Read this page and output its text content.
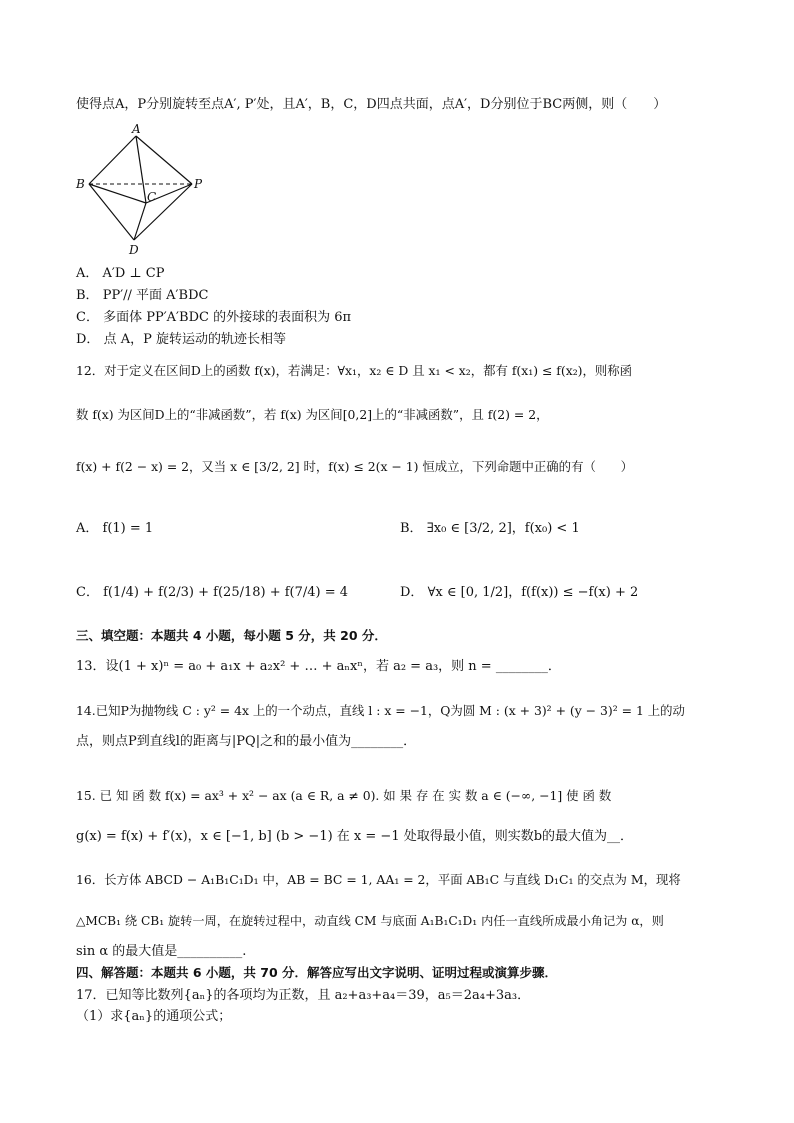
使得点A，P分别旋转至点A′, P′处，且A′，B，C，D四点共面，点A′，D分别位于BC两侧，则（　　）
A
B
C
D
P
A． A′D ⊥ CP
B． PP′// 平面 A′BDC
C． 多面体 PP′A′BDC 的外接球的表面积为 6π
D． 点 A，P 旋转运动的轨迹长相等
12．对于定义在区间D上的函数 f(x)，若满足：∀x₁，x₂ ∈ D 且 x₁ < x₂，都有 f(x₁) ≤ f(x₂)，则称函
数 f(x) 为区间D上的“非减函数”，若 f(x) 为区间[0,2]上的“非减函数”，且 f(2) = 2，
f(x) + f(2 − x) = 2，又当 x ∈ [3/2, 2] 时，f(x) ≤ 2(x − 1) 恒成立，下列命题中正确的有（　　）
A． f(1) = 1	B． ∃x₀ ∈ [3/2, 2]，f(x₀) < 1
C． f(1/4) + f(2/3) + f(25/18) + f(7/4) = 4	D． ∀x ∈ [0, 1/2]，f(f(x)) ≤ −f(x) + 2
三、填空题：本题共 4 小题，每小题 5 分，共 20 分．
13．设(1 + x)ⁿ = a₀ + a₁x + a₂x² + … + aₙxⁿ，若 a₂ = a₃，则 n = ________．
14.已知P为抛物线 C : y² = 4x 上的一个动点，直线 l : x = −1，Q为圆 M : (x + 3)² + (y − 3)² = 1 上的动
点，则点P到直线l的距离与|PQ|之和的最小值为________．
15. 已 知 函 数 f(x) = ax³ + x² − ax (a ∈ R, a ≠ 0). 如 果 存 在 实 数 a ∈ (−∞, −1] 使 函 数
g(x) = f(x) + f′(x)，x ∈ [−1, b] (b > −1) 在 x = −1 处取得最小值，则实数b的最大值为__．
16．长方体 ABCD − A₁B₁C₁D₁ 中，AB = BC = 1, AA₁ = 2，平面 AB₁C 与直线 D₁C₁ 的交点为 M，现将
△MCB₁ 绕 CB₁ 旋转一周，在旋转过程中，动直线 CM 与底面 A₁B₁C₁D₁ 内任一直线所成最小角记为 α，则
sin α 的最大值是__________.
四、解答题：本题共 6 小题，共 70 分．解答应写出文字说明、证明过程或演算步骤．
17．已知等比数列{aₙ}的各项均为正数，且 a₂+a₃+a₄＝39，a₅＝2a₄+3a₃．
（1）求{aₙ}的通项公式；
